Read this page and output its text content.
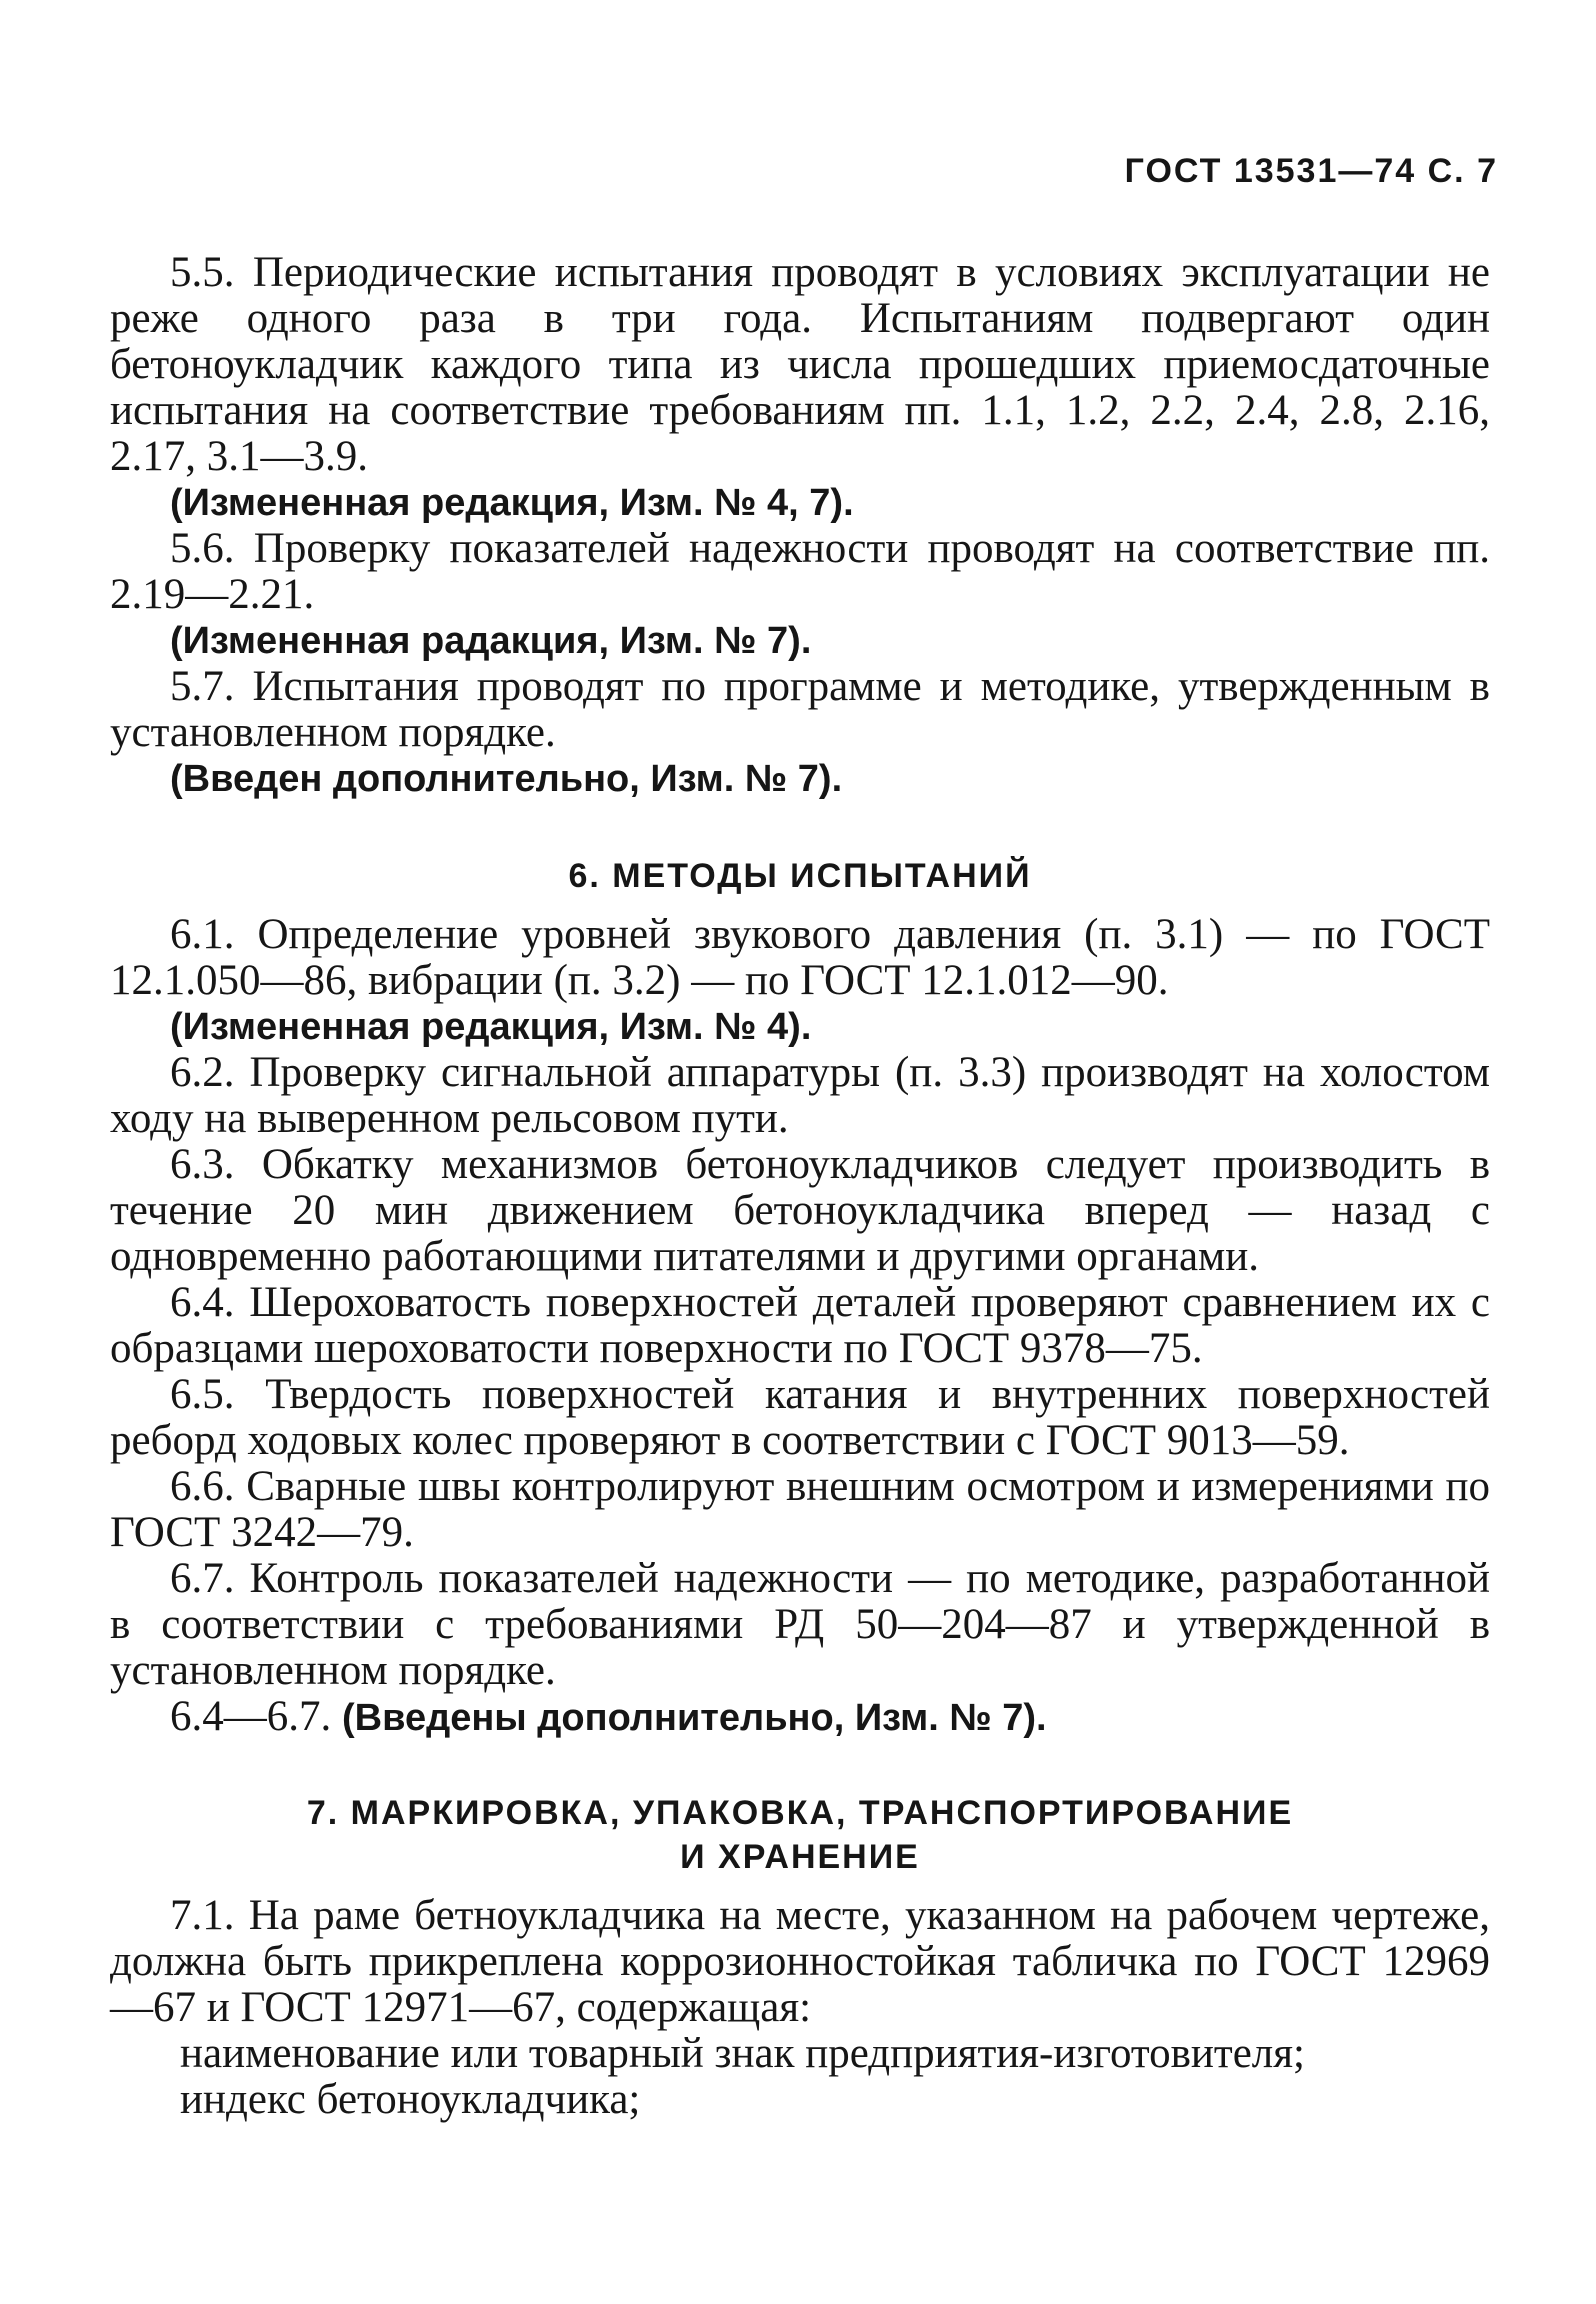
ГОСТ 13531—74 С. 7

5.5. Периодические испытания проводят в условиях эксплуатации не реже одного раза в три года. Испытаниям подвергают один бетоноукладчик каждого типа из числа прошедших приемосдаточные испытания на соответствие требованиям пп. 1.1, 1.2, 2.2, 2.4, 2.8, 2.16, 2.17, 3.1—3.9.

(Измененная редакция, Изм. № 4, 7).

5.6. Проверку показателей надежности проводят на соответствие пп. 2.19—2.21.

(Измененная радакция, Изм. № 7).

5.7. Испытания проводят по программе и методике, утвержденным в установленном порядке.

(Введен дополнительно, Изм. № 7).

6. МЕТОДЫ ИСПЫТАНИЙ

6.1. Определение уровней звукового давления (п. 3.1) — по ГОСТ 12.1.050—86, вибрации (п. 3.2) — по ГОСТ 12.1.012—90.

(Измененная редакция, Изм. № 4).

6.2. Проверку сигнальной аппаратуры (п. 3.3) производят на холостом ходу на выверенном рельсовом пути.

6.3. Обкатку механизмов бетоноукладчиков следует производить в течение 20 мин движением бетоноукладчика вперед — назад с одновременно работающими питателями и другими органами.

6.4. Шероховатость поверхностей деталей проверяют сравнением их с образцами шероховатости поверхности по ГОСТ 9378—75.

6.5. Твердость поверхностей катания и внутренних поверхностей реборд ходовых колес проверяют в соответствии с ГОСТ 9013—59.

6.6. Сварные швы контролируют внешним осмотром и измерениями по ГОСТ 3242—79.

6.7. Контроль показателей надежности — по методике, разработанной в соответствии с требованиями РД 50—204—87 и утвержденной в установленном порядке.

6.4—6.7. (Введены дополнительно, Изм. № 7).

7. МАРКИРОВКА, УПАКОВКА, ТРАНСПОРТИРОВАНИЕ

И ХРАНЕНИЕ

7.1. На раме бетноукладчика на месте, указанном на рабочем чертеже, должна быть прикреплена коррозионностойкая табличка по ГОСТ 12969—67 и ГОСТ 12971—67, содержащая:

наименование или товарный знак предприятия-изготовителя;

индекс бетоноукладчика;
